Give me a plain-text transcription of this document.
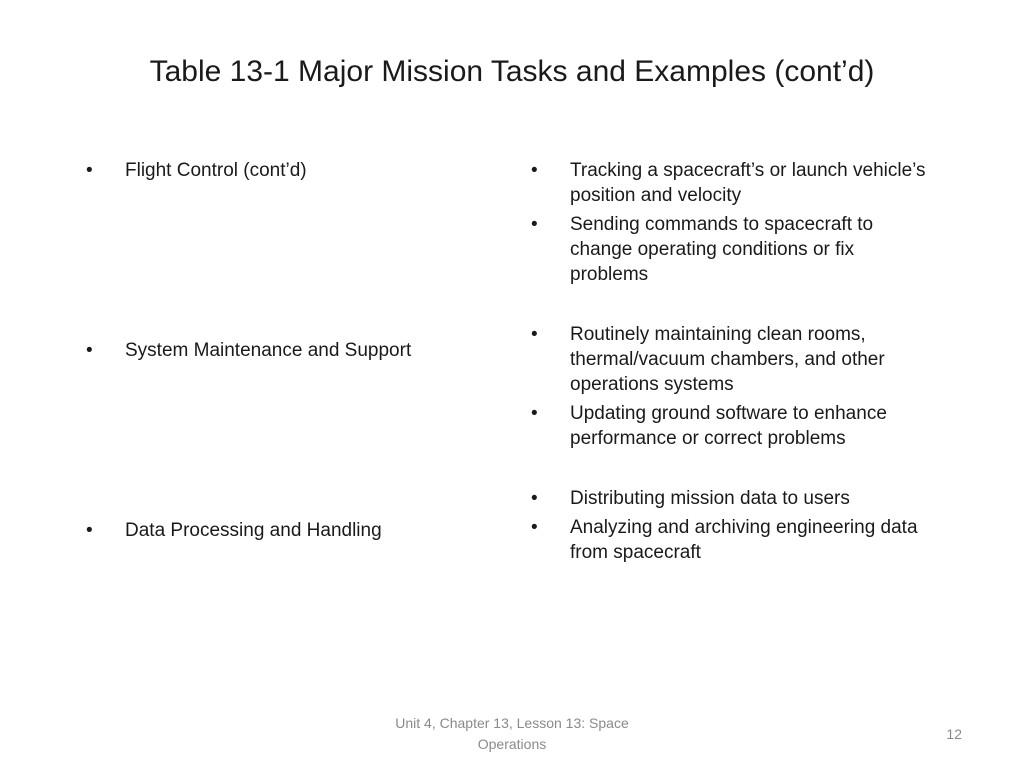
Table 13-1 Major Mission Tasks and Examples (cont’d)
• Flight Control (cont’d)
• System Maintenance and Support
• Data Processing and Handling
• Tracking a spacecraft’s or launch vehicle’s position and velocity
• Sending commands to spacecraft to change operating conditions or fix problems
• Routinely maintaining clean rooms, thermal/vacuum chambers, and other operations systems
• Updating ground software to enhance performance or correct problems
• Distributing mission data to users
• Analyzing and archiving engineering data from spacecraft
Unit 4, Chapter 13, Lesson 13: Space Operations
12
